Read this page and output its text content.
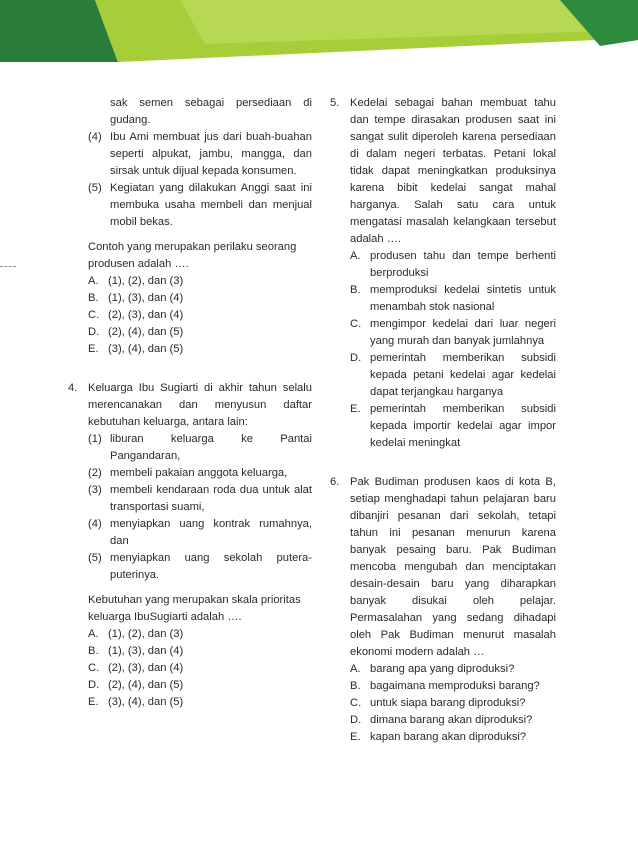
sak semen sebagai persediaan di gudang.
(4) Ibu Ami membuat jus dari buah-buahan seperti alpukat, jambu, mangga, dan sirsak untuk dijual kepada konsumen.
(5) Kegiatan yang dilakukan Anggi saat ini membuka usaha membeli dan menjual mobil bekas.

Contoh yang merupakan perilaku seorang produsen adalah ….

A. (1), (2), dan (3)
B. (1), (3), dan (4)
C. (2), (3), dan (4)
D. (2), (4), dan (5)
E. (3), (4), dan (5)
4. Keluarga Ibu Sugiarti di akhir tahun selalu merencanakan dan menyusun daftar kebutuhan keluarga, antara lain:

(1) liburan keluarga ke Pantai Pangandaran,
(2) membeli pakaian anggota keluarga,
(3) membeli kendaraan roda dua untuk alat transportasi suami,
(4) menyiapkan uang kontrak rumahnya, dan
(5) menyiapkan uang sekolah putera-puterinya.

Kebutuhan yang merupakan skala prioritas keluarga IbuSugiarti adalah ….

A. (1), (2), dan (3)
B. (1), (3), dan (4)
C. (2), (3), dan (4)
D. (2), (4), dan (5)
E. (3), (4), dan (5)
5. Kedelai sebagai bahan membuat tahu dan tempe dirasakan produsen saat ini sangat sulit diperoleh karena persediaan di dalam negeri terbatas. Petani lokal tidak dapat meningkatkan produksinya karena bibit kedelai sangat mahal harganya. Salah satu cara untuk mengatasi masalah kelangkaan tersebut adalah ….

A. produsen tahu dan tempe berhenti berproduksi
B. memproduksi kedelai sintetis untuk menambah stok nasional
C. mengimpor kedelai dari luar negeri yang murah dan banyak jumlahnya
D. pemerintah memberikan subsidi kepada petani kedelai agar kedelai dapat terjangkau harganya
E. pemerintah memberikan subsidi kepada importir kedelai agar impor kedelai meningkat
6. Pak Budiman produsen kaos di kota B, setiap menghadapi tahun pelajaran baru dibanjiri pesanan dari sekolah, tetapi tahun ini pesanan menurun karena banyak pesaing baru. Pak Budiman mencoba mengubah dan menciptakan desain-desain baru yang diharapkan banyak disukai oleh pelajar. Permasalahan yang sedang dihadapi oleh Pak Budiman menurut masalah ekonomi modern adalah …

A. barang apa yang diproduksi?
B. bagaimana memproduksi barang?
C. untuk siapa barang diproduksi?
D. dimana barang akan diproduksi?
E. kapan barang akan diproduksi?
